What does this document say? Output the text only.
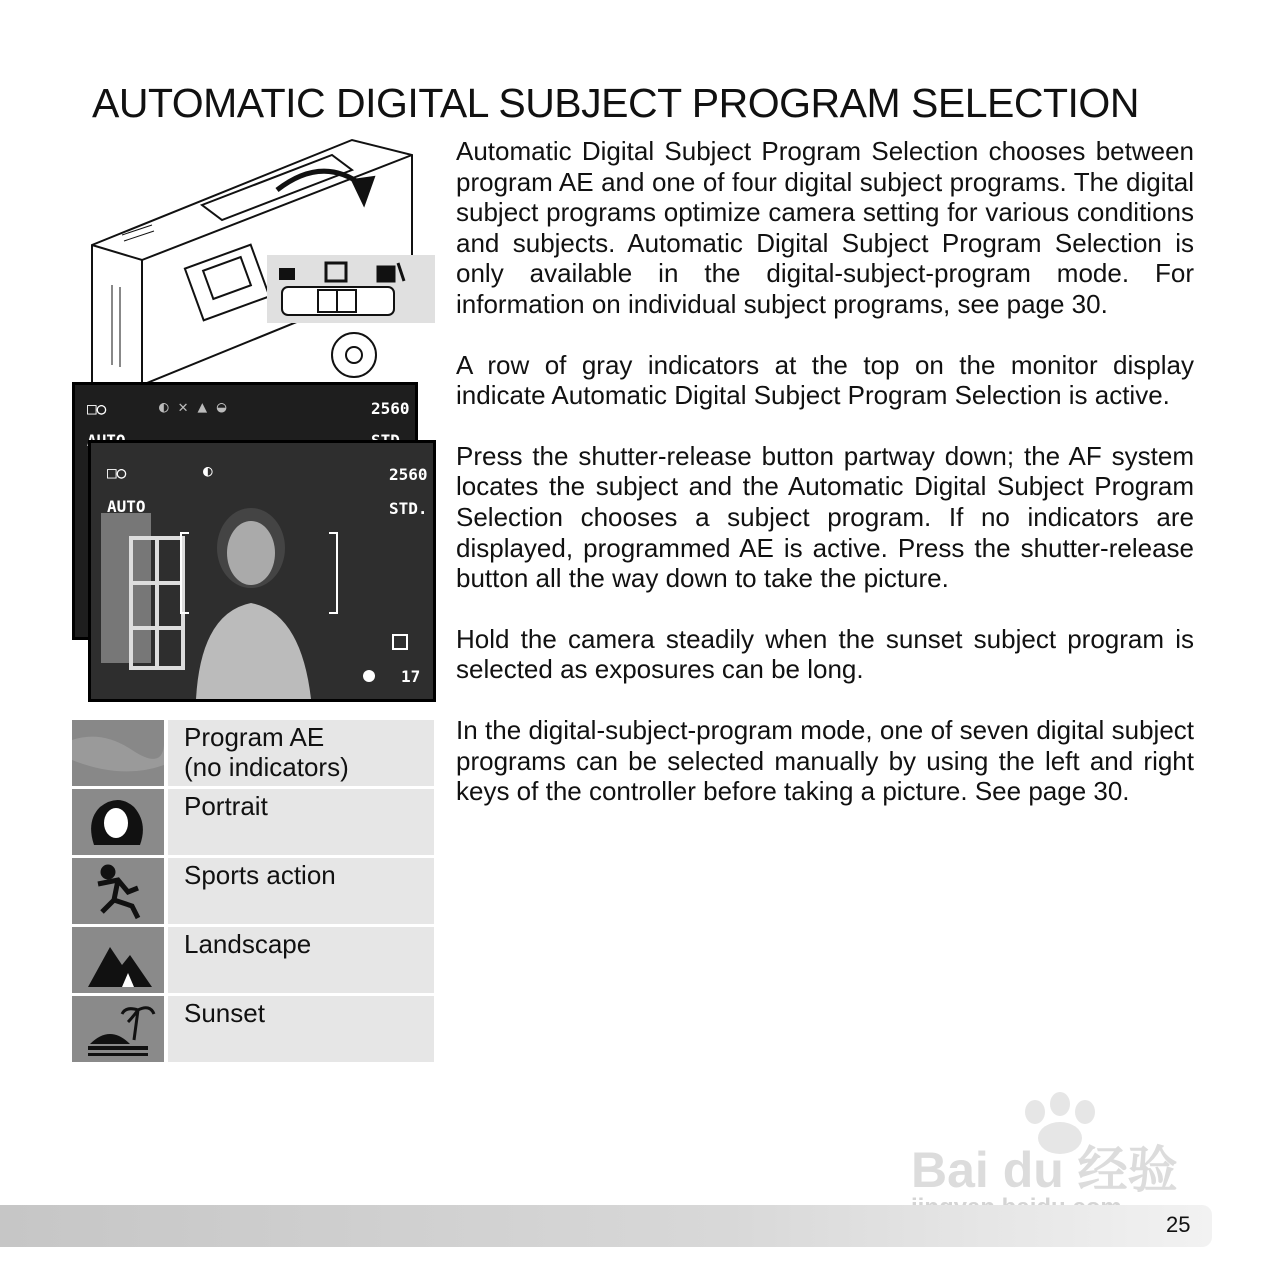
AUTOMATIC DIGITAL SUBJECT PROGRAM SELECTION

Automatic Digital Subject Program Selection chooses between program AE and one of four digital subject programs. The digital subject programs optimize camera setting for various conditions and subjects. Automatic Digital Subject Program Selection is only available in the digital-subject-program mode. For information on individual subject programs, see page 30.

A row of gray indicators at the top on the monitor display indicate Automatic Digital Subject Program Selection is active.

Press the shutter-release button partway down; the AF system locates the subject and the Automatic Digital Subject Program Selection chooses a subject program. If no indicators are displayed, programmed AE is active. Press the shutter-release button all the way down to take the picture.

Hold the camera steadily when the sunset subject program is selected as exposures can be long.

In the digital-subject-program mode, one of seven digital subject programs can be selected manually by using the left and right keys of the controller before taking a picture. See page 30.

□○	◐ ✕ ▲ ◒	2560
□○	◐	2560
AUTO	STD.
17
Program AE
(no indicators)
Portrait
Sports action
Landscape
Sunset
Bai du 经验
25
